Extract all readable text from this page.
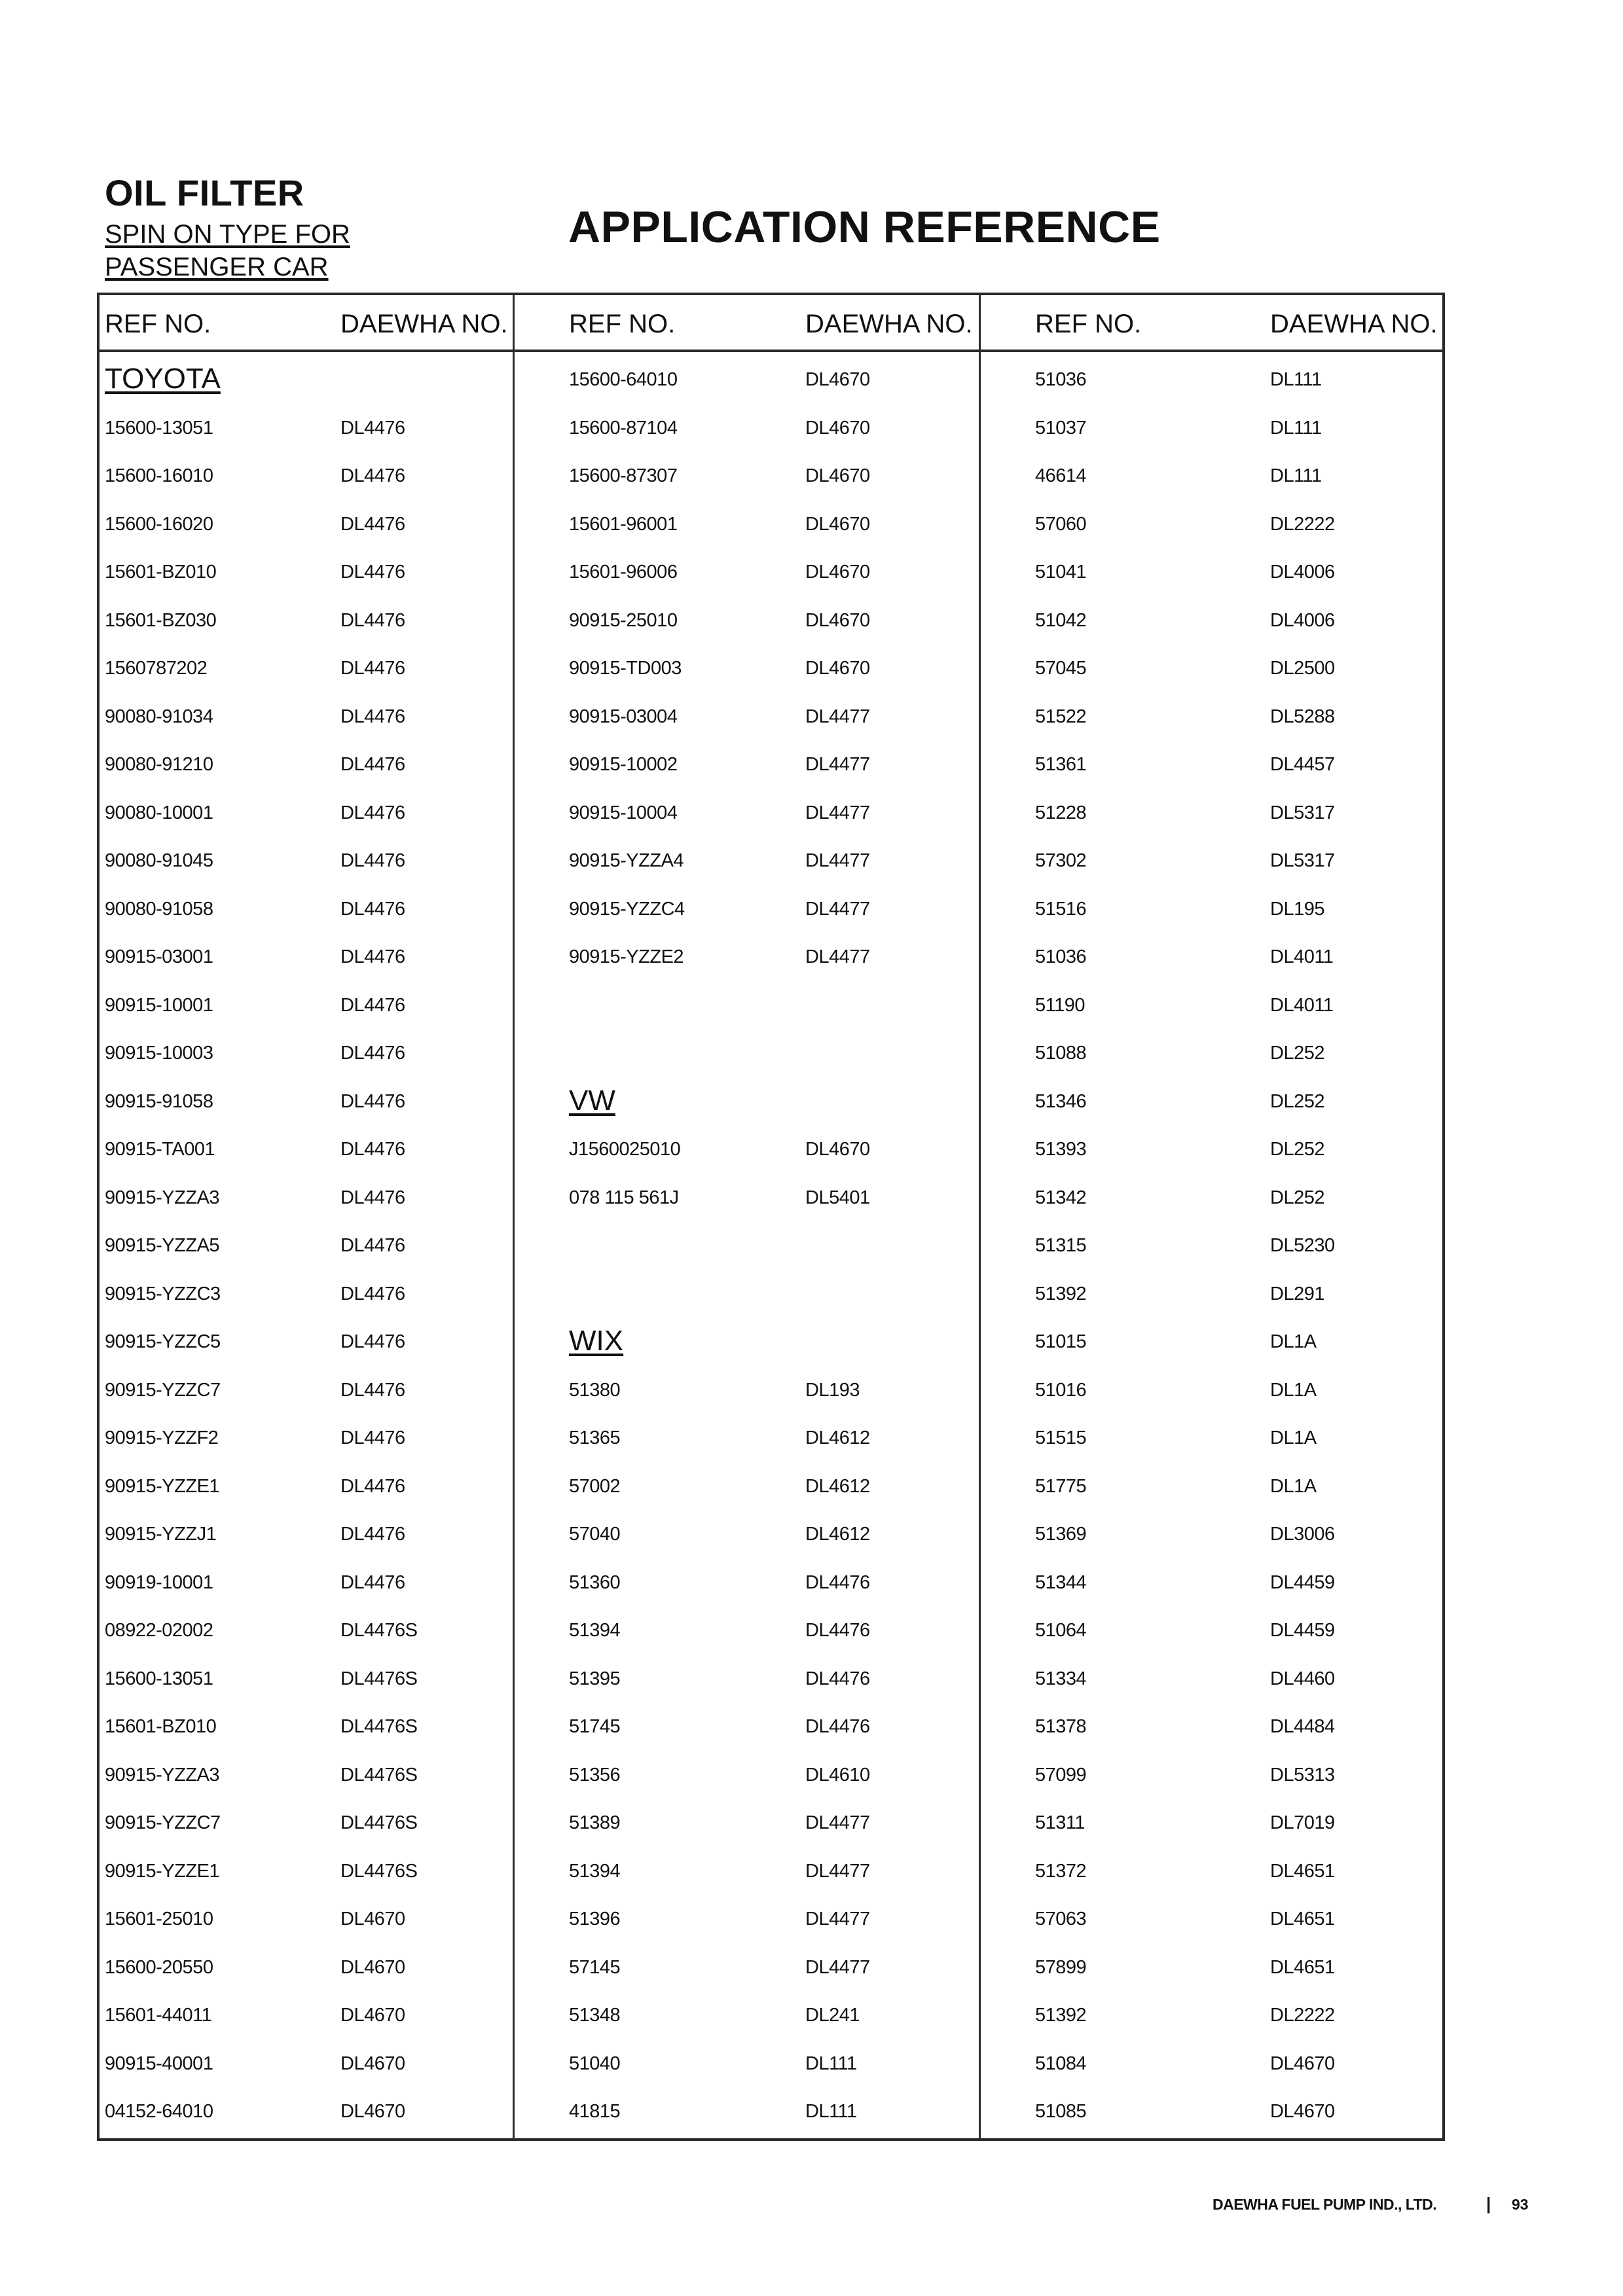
OIL FILTER
SPIN ON TYPE FOR
PASSENGER CAR
APPLICATION REFERENCE
REF NO.	DAEWHA NO. REF NO.	DAEWHA NO. REF NO.	DAEWHA NO.
TOYOTA
15600-13051	DL4476
15600-16010	DL4476
15600-16020	DL4476
15601-BZ010	DL4476
15601-BZ030	DL4476
1560787202	DL4476
90080-91034	DL4476
90080-91210	DL4476
90080-10001	DL4476
90080-91045	DL4476
90080-91058	DL4476
90915-03001	DL4476
90915-10001	DL4476
90915-10003	DL4476
90915-91058	DL4476
90915-TA001	DL4476
90915-YZZA3	DL4476
90915-YZZA5	DL4476
90915-YZZC3	DL4476
90915-YZZC5	DL4476
90915-YZZC7	DL4476
90915-YZZF2	DL4476
90915-YZZE1	DL4476
90915-YZZJ1	DL4476
90919-10001	DL4476
08922-02002	DL4476S
15600-13051	DL4476S
15601-BZ010	DL4476S
90915-YZZA3	DL4476S
90915-YZZC7	DL4476S
90915-YZZE1	DL4476S
15601-25010	DL4670
15600-20550	DL4670
15601-44011	DL4670
90915-40001	DL4670
04152-64010	DL4670
15600-64010	DL4670
15600-87104	DL4670
15600-87307	DL4670
15601-96001	DL4670
15601-96006	DL4670
90915-25010	DL4670
90915-TD003	DL4670
90915-03004	DL4477
90915-10002	DL4477
90915-10004	DL4477
90915-YZZA4	DL4477
90915-YZZC4	DL4477
90915-YZZE2	DL4477
VW
J1560025010	DL4670
078 115 561J	DL5401
WIX
51380	DL193
51365	DL4612
57002	DL4612
57040	DL4612
51360	DL4476
51394	DL4476
51395	DL4476
51745	DL4476
51356	DL4610
51389	DL4477
51394	DL4477
51396	DL4477
57145	DL4477
51348	DL241
51040	DL111
41815	DL111
51036	DL111
51037	DL111
46614	DL111
57060	DL2222
51041	DL4006
51042	DL4006
57045	DL2500
51522	DL5288
51361	DL4457
51228	DL5317
57302	DL5317
51516	DL195
51036	DL4011
51190	DL4011
51088	DL252
51346	DL252
51393	DL252
51342	DL252
51315	DL5230
51392	DL291
51015	DL1A
51016	DL1A
51515	DL1A
51775	DL1A
51369	DL3006
51344	DL4459
51064	DL4459
51334	DL4460
51378	DL4484
57099	DL5313
51311	DL7019
51372	DL4651
57063	DL4651
57899	DL4651
51392	DL2222
51084	DL4670
51085	DL4670
DAEWHA FUEL PUMP IND., LTD.	| 93
